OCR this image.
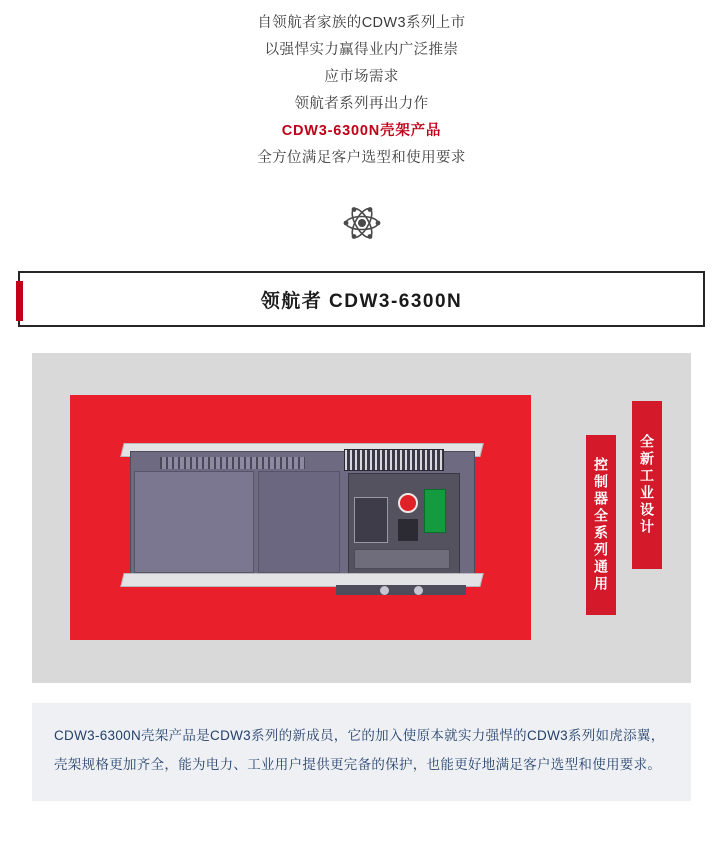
自领航者家族的CDW3系列上市
以强悍实力赢得业内广泛推崇
应市场需求
领航者系列再出力作
CDW3-6300N壳架产品
全方位满足客户选型和使用要求
领航者 CDW3-6300N
控制器全系列通用	全新工业设计
CDW3-6300N壳架产品是CDW3系列的新成员，它的加入使原本就实力强悍的CDW3系列如虎添翼，壳架规格更加齐全，能为电力、工业用户提供更完备的保护，也能更好地满足客户选型和使用要求。
